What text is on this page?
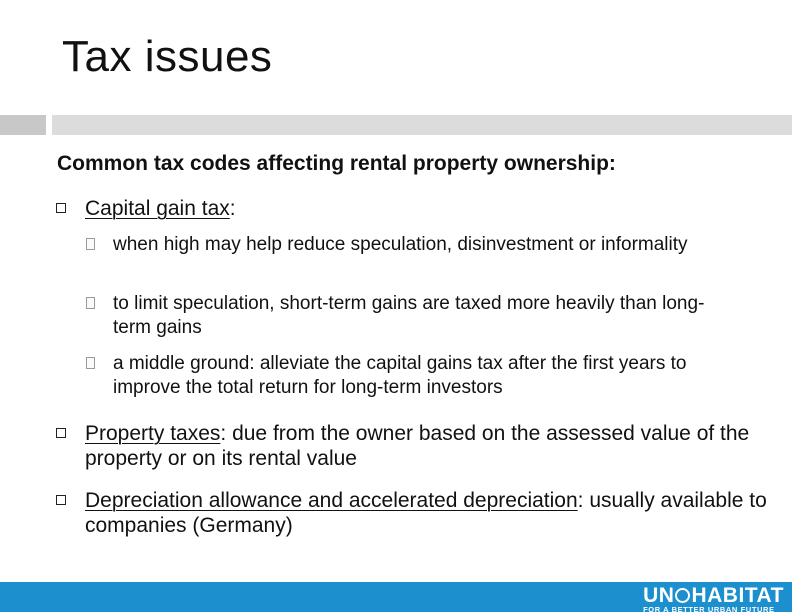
Tax issues
Common tax codes affecting rental property ownership:
Capital gain tax:
when high may help reduce speculation, disinvestment or informality
to limit speculation, short-term gains are taxed more heavily than long-term gains
a middle ground: alleviate the capital gains tax after the first years to improve the total return for long-term investors
Property taxes: due from the owner based on the assessed value of the property or on its rental value
Depreciation allowance and accelerated depreciation: usually available to companies (Germany)
UN HABITAT
FOR A BETTER URBAN FUTURE
